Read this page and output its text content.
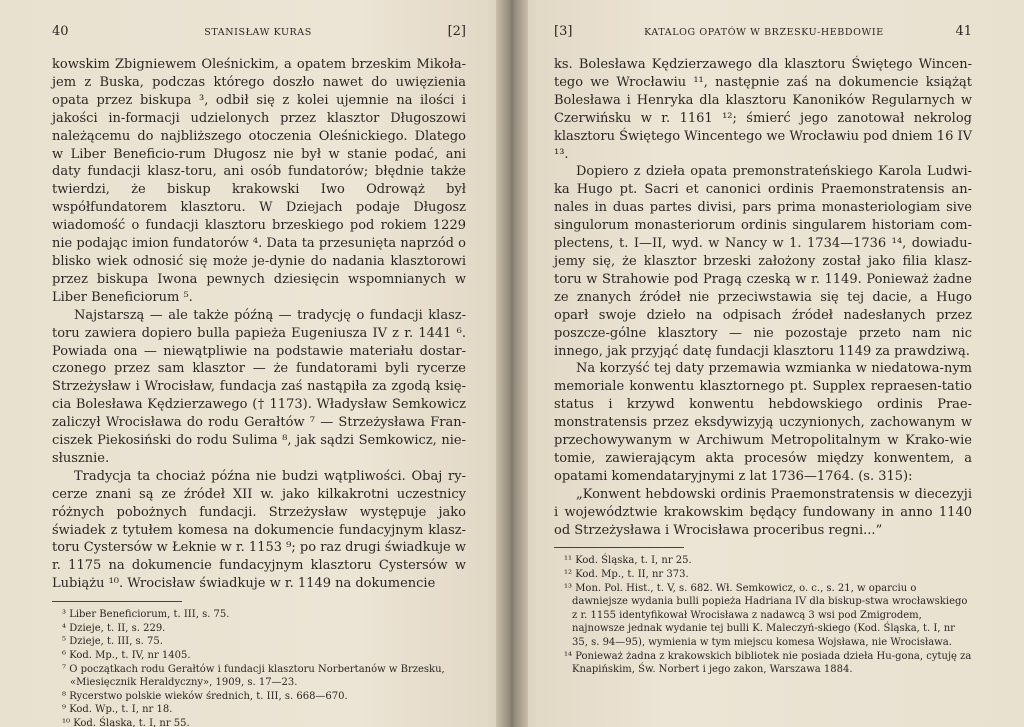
40	STANISŁAW KURAS	[2]

kowskim Zbigniewem Oleśnickim, a opatem brzeskim Mikoła-jem z Buska, podczas którego doszło nawet do uwięzienia opata przez biskupa ³, odbił się z kolei ujemnie na ilości i jakości in-formacji udzielonych przez klasztor Długoszowi należącemu do najbliższego otoczenia Oleśnickiego. Dlatego w Liber Beneficio-rum Długosz nie był w stanie podać, ani daty fundacji klasz-toru, ani osób fundatorów; błędnie także twierdzi, że biskup krakowski Iwo Odrowąż był współfundatorem klasztoru. W Dziejach podaje Długosz wiadomość o fundacji klasztoru brzeskiego pod rokiem 1229 nie podając imion fundatorów ⁴. Data ta przesunięta naprzód o blisko wiek odnosić się może je-dynie do nadania klasztorowi przez biskupa Iwona pewnych dziesięcin wspomnianych w Liber Beneficiorum ⁵.

Najstarszą — ale także późną — tradycję o fundacji klasz-toru zawiera dopiero bulla papieża Eugeniusza IV z r. 1441 ⁶. Powiada ona — niewątpliwie na podstawie materiału dostar-czonego przez sam klasztor — że fundatorami byli rycerze Strzeżysław i Wrocisław, fundacja zaś nastąpiła za zgodą księ-cia Bolesława Kędzierzawego († 1173). Władysław Semkowicz zaliczył Wrocisława do rodu Gerałtów ⁷ — Strzeżysława Fran-ciszek Piekosiński do rodu Sulima ⁸, jak sądzi Semkowicz, nie-słusznie.

Tradycja ta chociaż późna nie budzi wątpliwości. Obaj ry-cerze znani są ze źródeł XII w. jako kilkakrotni uczestnicy różnych pobożnych fundacji. Strzeżysław występuje jako świadek z tytułem komesa na dokumencie fundacyjnym klasz-toru Cystersów w Łeknie w r. 1153 ⁹; po raz drugi świadkuje w r. 1175 na dokumencie fundacyjnym klasztoru Cystersów w Lubiążu ¹⁰. Wrocisław świadkuje w r. 1149 na dokumencie

³ Liber Beneficiorum, t. III, s. 75.
⁴ Dzieje, t. II, s. 229.
⁵ Dzieje, t. III, s. 75.
⁶ Kod. Mp., t. IV, nr 1405.
⁷ O początkach rodu Gerałtów i fundacji klasztoru Norbertanów w Brzesku, «Miesięcznik Heraldyczny», 1909, s. 17—23.
⁸ Rycerstwo polskie wieków średnich, t. III, s. 668—670.
⁹ Kod. Wp., t. I, nr 18.
¹⁰ Kod. Śląska, t. I, nr 55.
[3]	KATALOG OPATÓW W BRZESKU-HEBDOWIE	41

ks. Bolesława Kędzierzawego dla klasztoru Świętego Wincen-tego we Wrocławiu ¹¹, następnie zaś na dokumencie książąt Bolesława i Henryka dla klasztoru Kanoników Regularnych w Czerwińsku w r. 1161 ¹²; śmierć jego zanotował nekrolog klasztoru Świętego Wincentego we Wrocławiu pod dniem 16 IV ¹³.

Dopiero z dzieła opata premonstrateńskiego Karola Ludwi-ka Hugo pt. Sacri et canonici ordinis Praemonstratensis an-nales in duas partes divisi, pars prima monasteriologiam sive singulorum monasteriorum ordinis singularem historiam com-plectens, t. I—II, wyd. w Nancy w 1. 1734—1736 ¹⁴, dowiadu-jemy się, że klasztor brzeski założony został jako filia klasz-toru w Strahowie pod Pragą czeską w r. 1149. Ponieważ żadne ze znanych źródeł nie przeciwstawia się tej dacie, a Hugo oparł swoje dzieło na odpisach źródeł nadesłanych przez poszcze-gólne klasztory — nie pozostaje przeto nam nic innego, jak przyjąć datę fundacji klasztoru 1149 za prawdziwą.

Na korzyść tej daty przemawia wzmianka w niedatowa-nym memoriale konwentu klasztornego pt. Supplex repraesen-tatio status i krzywd konwentu hebdowskiego ordinis Prae-monstratensis przez eksdywizyją uczynionych, zachowanym w przechowywanym w Archiwum Metropolitalnym w Krako-wie tomie, zawierającym akta procesów między konwentem, a opatami komendataryjnymi z lat 1736—1764. (s. 315):

„Konwent hebdowski ordinis Praemonstratensis w diecezyji i województwie krakowskim będący fundowany in anno 1140 od Strzeżysława i Wrocisława proceribus regni...”

¹¹ Kod. Śląska, t. I, nr 25.
¹² Kod. Mp., t. II, nr 373.
¹³ Mon. Pol. Hist., t. V, s. 682. Wł. Semkowicz, o. c., s. 21, w oparciu o dawniejsze wydania bulli popieża Hadriana IV dla biskup-stwa wrocławskiego z r. 1155 identyfikował Wrocisława z nadawcą 3 wsi pod Zmigrodem, najnowsze jednak wydanie tej bulli K. Maleczyń-skiego (Kod. Śląska, t. I, nr 35, s. 94—95), wymienia w tym miejscu komesa Wojsława, nie Wrocisława.
¹⁴ Ponieważ żadna z krakowskich bibliotek nie posiada dzieła Hu-gona, cytuję za Knapińskim, Św. Norbert i jego zakon, Warszawa 1884.
